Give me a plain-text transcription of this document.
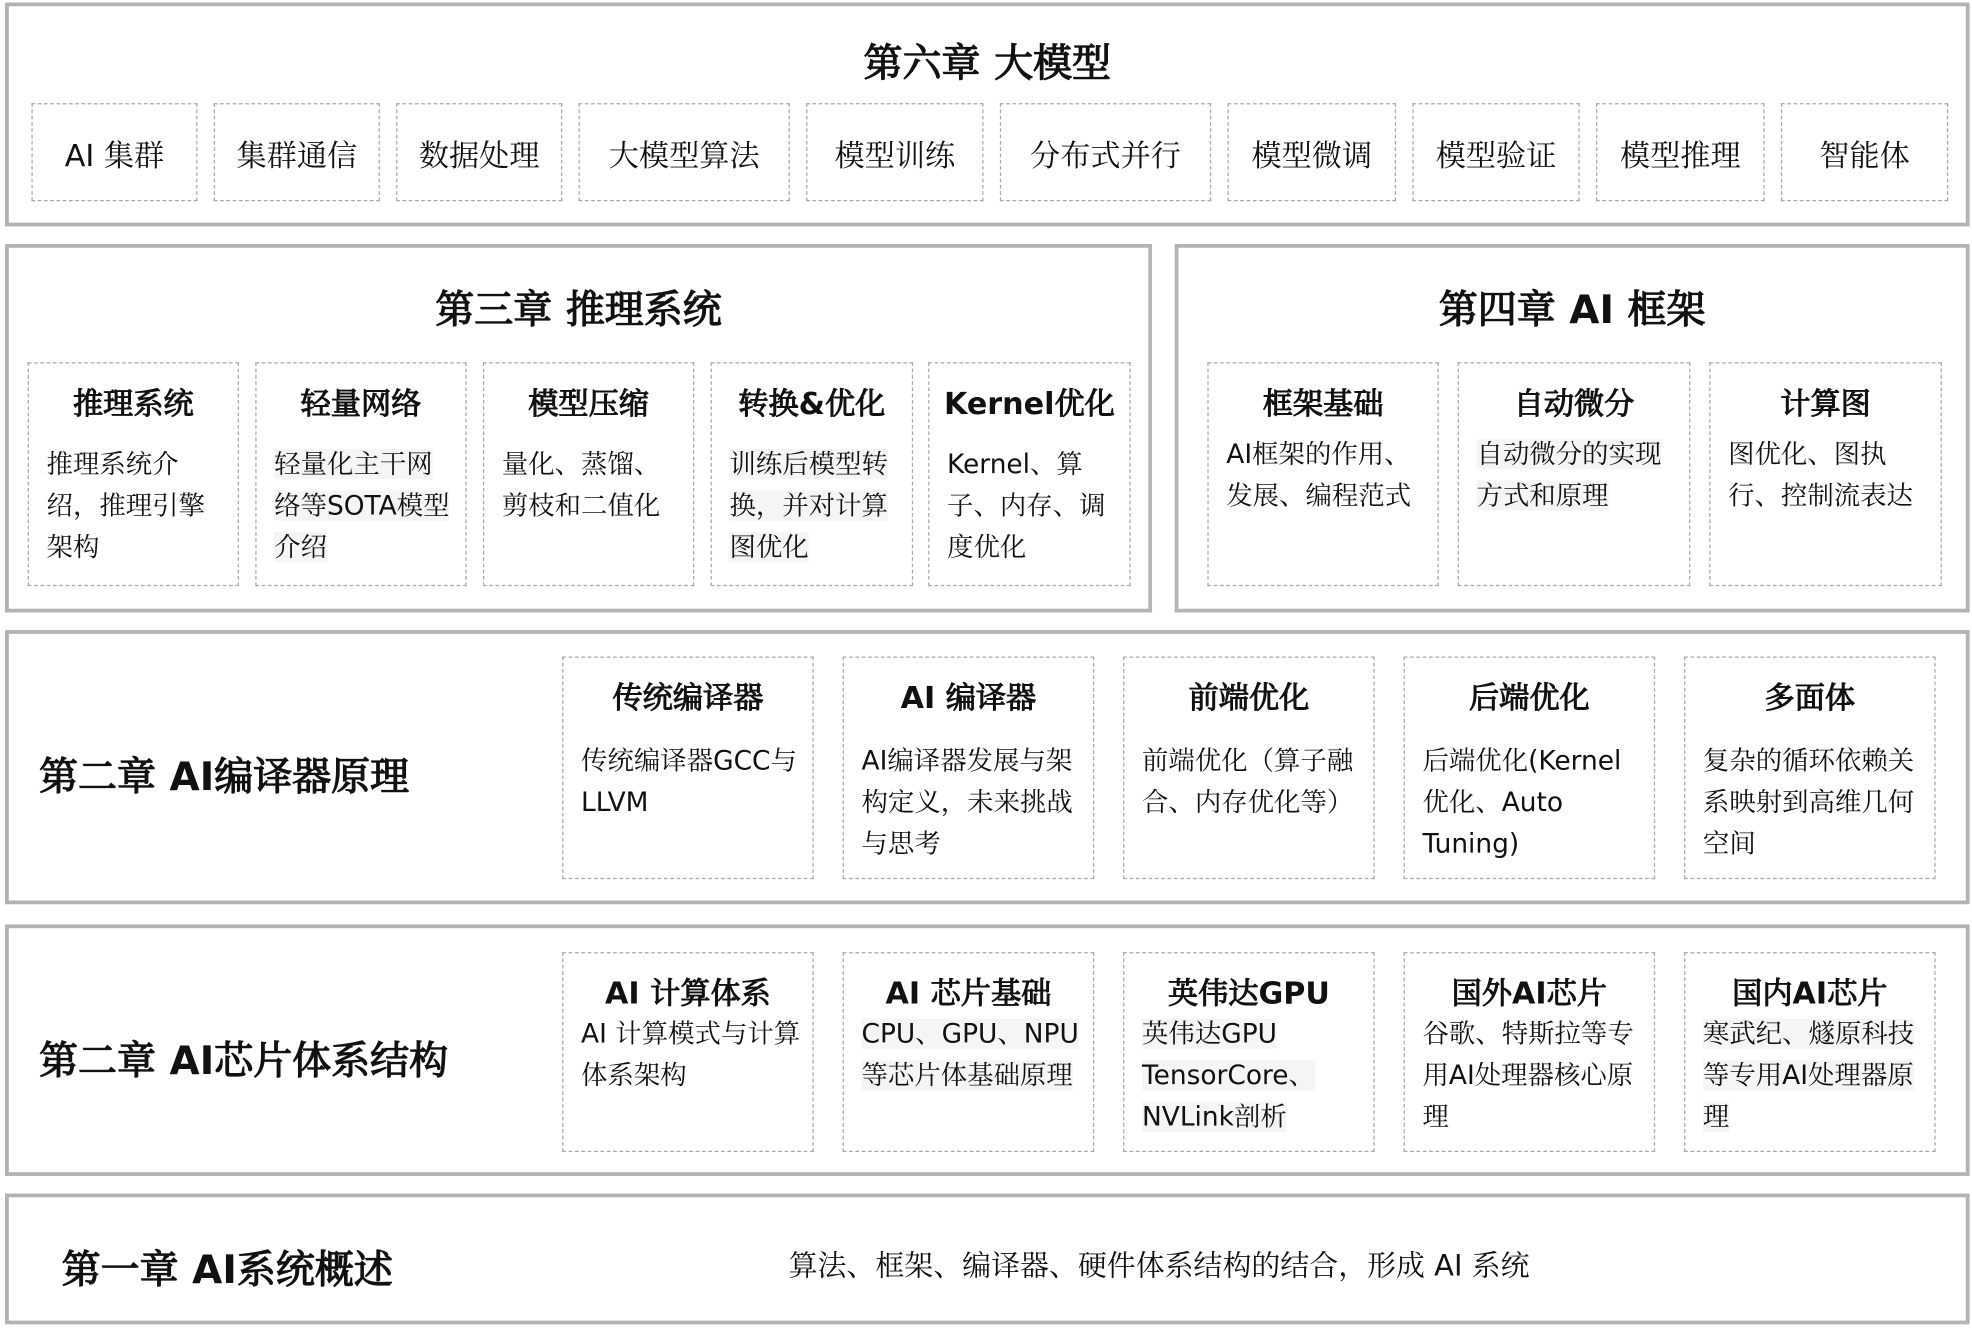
第六章 大模型
第三章 推理系统	第四章 AI 框架
第二章 AI编译器原理
第二章 AI芯片体系结构
第一章 AI系统概述	算法、框架、编译器、硬件体系结构的结合，形成 AI 系统
AI 集群	集群通信	数据处理	大模型算法	模型训练	分布式并行	模型微调	模型验证	模型推理	智能体
推理系统
推理系统介绍，推理引擎架构
轻量网络
轻量化主干网络等SOTA模型介绍
模型压缩
量化、蒸馏、剪枝和二值化
转换&优化
训练后模型转换，并对计算图优化
Kernel优化
Kernel、算子、内存、调度优化
框架基础
AI框架的作用、发展、编程范式
自动微分
自动微分的实现方式和原理
计算图
图优化、图执行、控制流表达
传统编译器
传统编译器GCC与LLVM
AI 编译器
AI编译器发展与架构定义，未来挑战与思考
前端优化
前端优化（算子融合、内存优化等）
后端优化
后端优化(Kernel优化、Auto Tuning)
多面体
复杂的循环依赖关系映射到高维几何空间
AI 计算体系
AI 计算模式与计算体系架构
AI 芯片基础
CPU、GPU、NPU 等芯片体基础原理
英伟达GPU
英伟达GPU TensorCore、NVLink剖析
国外AI芯片
谷歌、特斯拉等专用AI处理器核心原理
国内AI芯片
寒武纪、燧原科技等专用AI处理器原理
